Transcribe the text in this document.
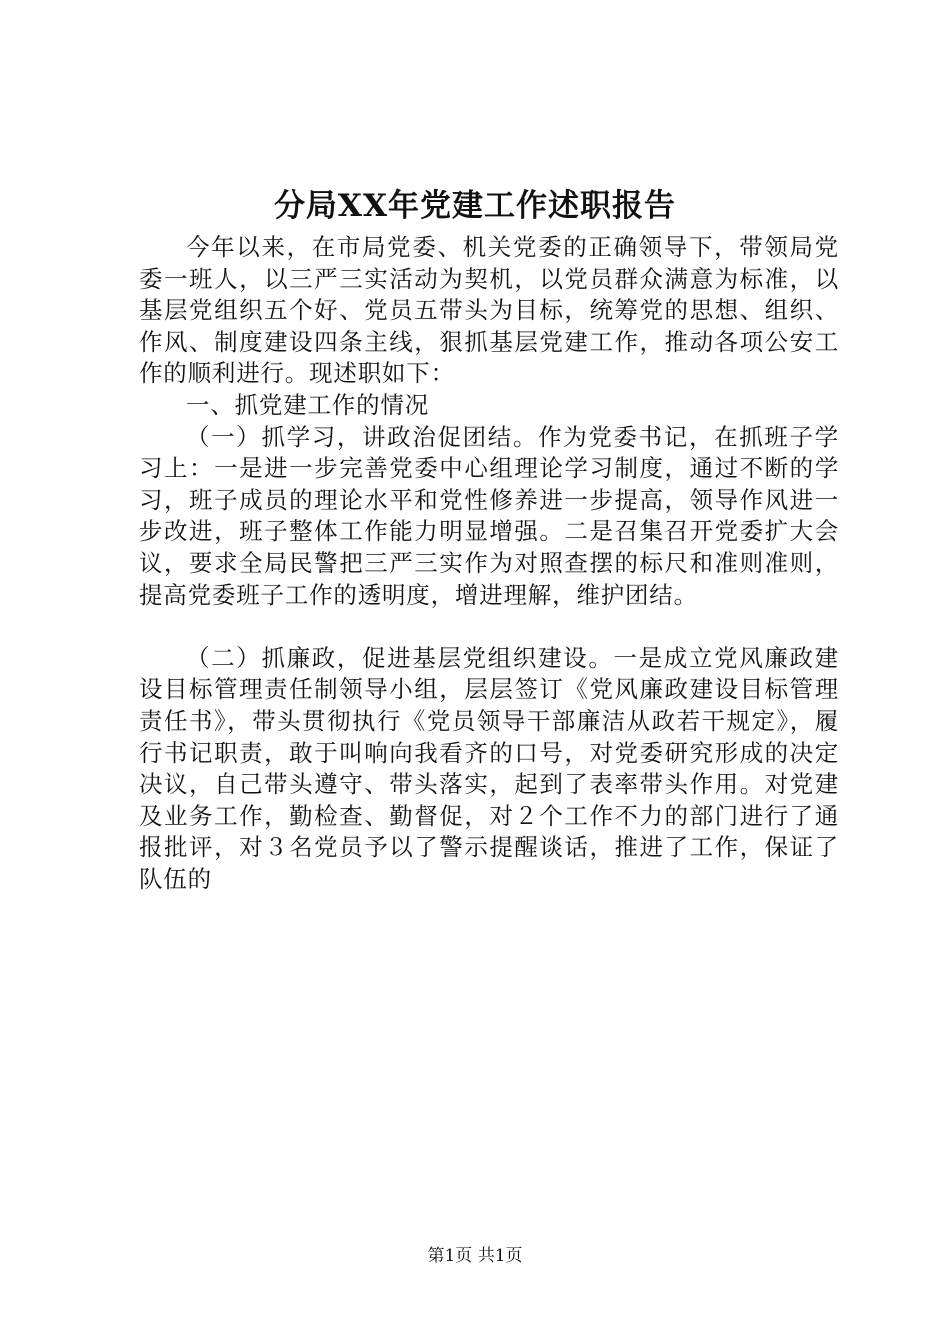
分局XX年党建工作述职报告

今年以来，在市局党委、机关党委的正确领导下，带领局党委一班人，以三严三实活动为契机，以党员群众满意为标准，以基层党组织五个好、党员五带头为目标，统筹党的思想、组织、作风、制度建设四条主线，狠抓基层党建工作，推动各项公安工作的顺利进行。现述职如下：

一、抓党建工作的情况

（一）抓学习，讲政治促团结。作为党委书记，在抓班子学习上：一是进一步完善党委中心组理论学习制度，通过不断的学习，班子成员的理论水平和党性修养进一步提高，领导作风进一步改进，班子整体工作能力明显增强。二是召集召开党委扩大会议，要求全局民警把三严三实作为对照查摆的标尺和准则准则，提高党委班子工作的透明度，增进理解，维护团结。

（二）抓廉政，促进基层党组织建设。一是成立党风廉政建设目标管理责任制领导小组，层层签订《党风廉政建设目标管理责任书》，带头贯彻执行《党员领导干部廉洁从政若干规定》，履行书记职责，敢于叫响向我看齐的口号，对党委研究形成的决定决议，自己带头遵守、带头落实，起到了表率带头作用。对党建及业务工作，勤检查、勤督促，对２个工作不力的部门进行了通报批评，对３名党员予以了警示提醒谈话，推进了工作，保证了队伍的

第1页 共1页
